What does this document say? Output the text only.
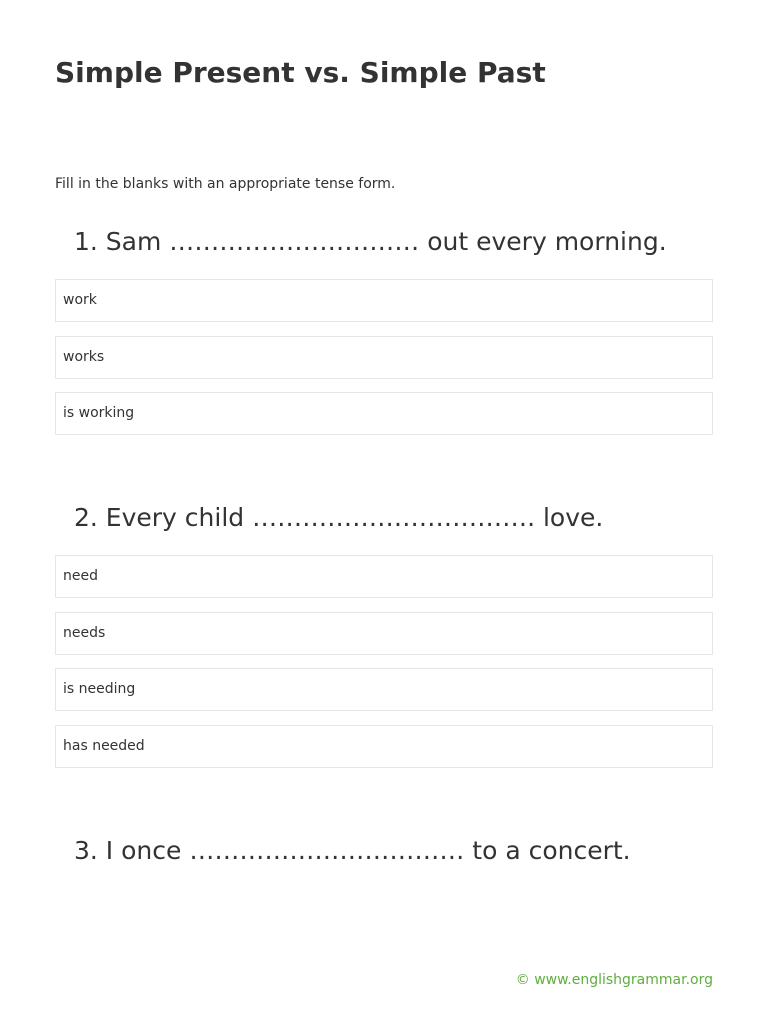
Simple Present vs. Simple Past

Fill in the blanks with an appropriate tense form.

1. Sam ………………………… out every morning.

work
works
is working

2. Every child ……………………………. love.

need
needs
is needing
has needed

3. I once …………………………… to a concert.

© www.englishgrammar.org
